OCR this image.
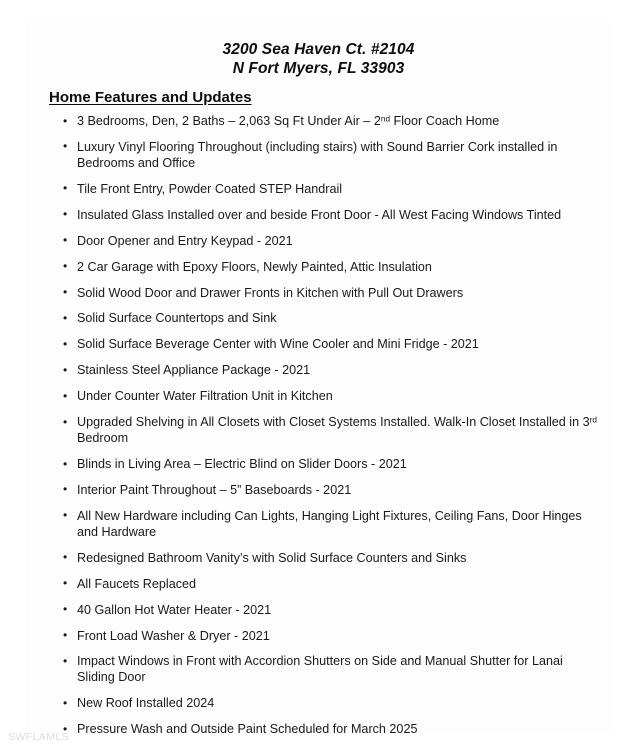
3200 Sea Haven Ct. #2104
N Fort Myers, FL 33903
Home Features and Updates
• 3 Bedrooms, Den, 2 Baths – 2,063 Sq Ft Under Air – 2nd Floor Coach Home
• Luxury Vinyl Flooring Throughout (including stairs) with Sound Barrier Cork installed in Bedrooms and Office
• Tile Front Entry, Powder Coated STEP Handrail
• Insulated Glass Installed over and beside Front Door - All West Facing Windows Tinted
• Door Opener and Entry Keypad - 2021
• 2 Car Garage with Epoxy Floors, Newly Painted, Attic Insulation
• Solid Wood Door and Drawer Fronts in Kitchen with Pull Out Drawers
• Solid Surface Countertops and Sink
• Solid Surface Beverage Center with Wine Cooler and Mini Fridge - 2021
• Stainless Steel Appliance Package - 2021
• Under Counter Water Filtration Unit in Kitchen
• Upgraded Shelving in All Closets with Closet Systems Installed. Walk-In Closet Installed in 3rd Bedroom
• Blinds in Living Area – Electric Blind on Slider Doors - 2021
• Interior Paint Throughout – 5” Baseboards - 2021
• All New Hardware including Can Lights, Hanging Light Fixtures, Ceiling Fans, Door Hinges and Hardware
• Redesigned Bathroom Vanity’s with Solid Surface Counters and Sinks
• All Faucets Replaced
• 40 Gallon Hot Water Heater - 2021
• Front Load Washer & Dryer - 2021
• Impact Windows in Front with Accordion Shutters on Side and Manual Shutter for Lanai Sliding Door
• New Roof Installed 2024
• Pressure Wash and Outside Paint Scheduled for March 2025
SWFLAMLS
